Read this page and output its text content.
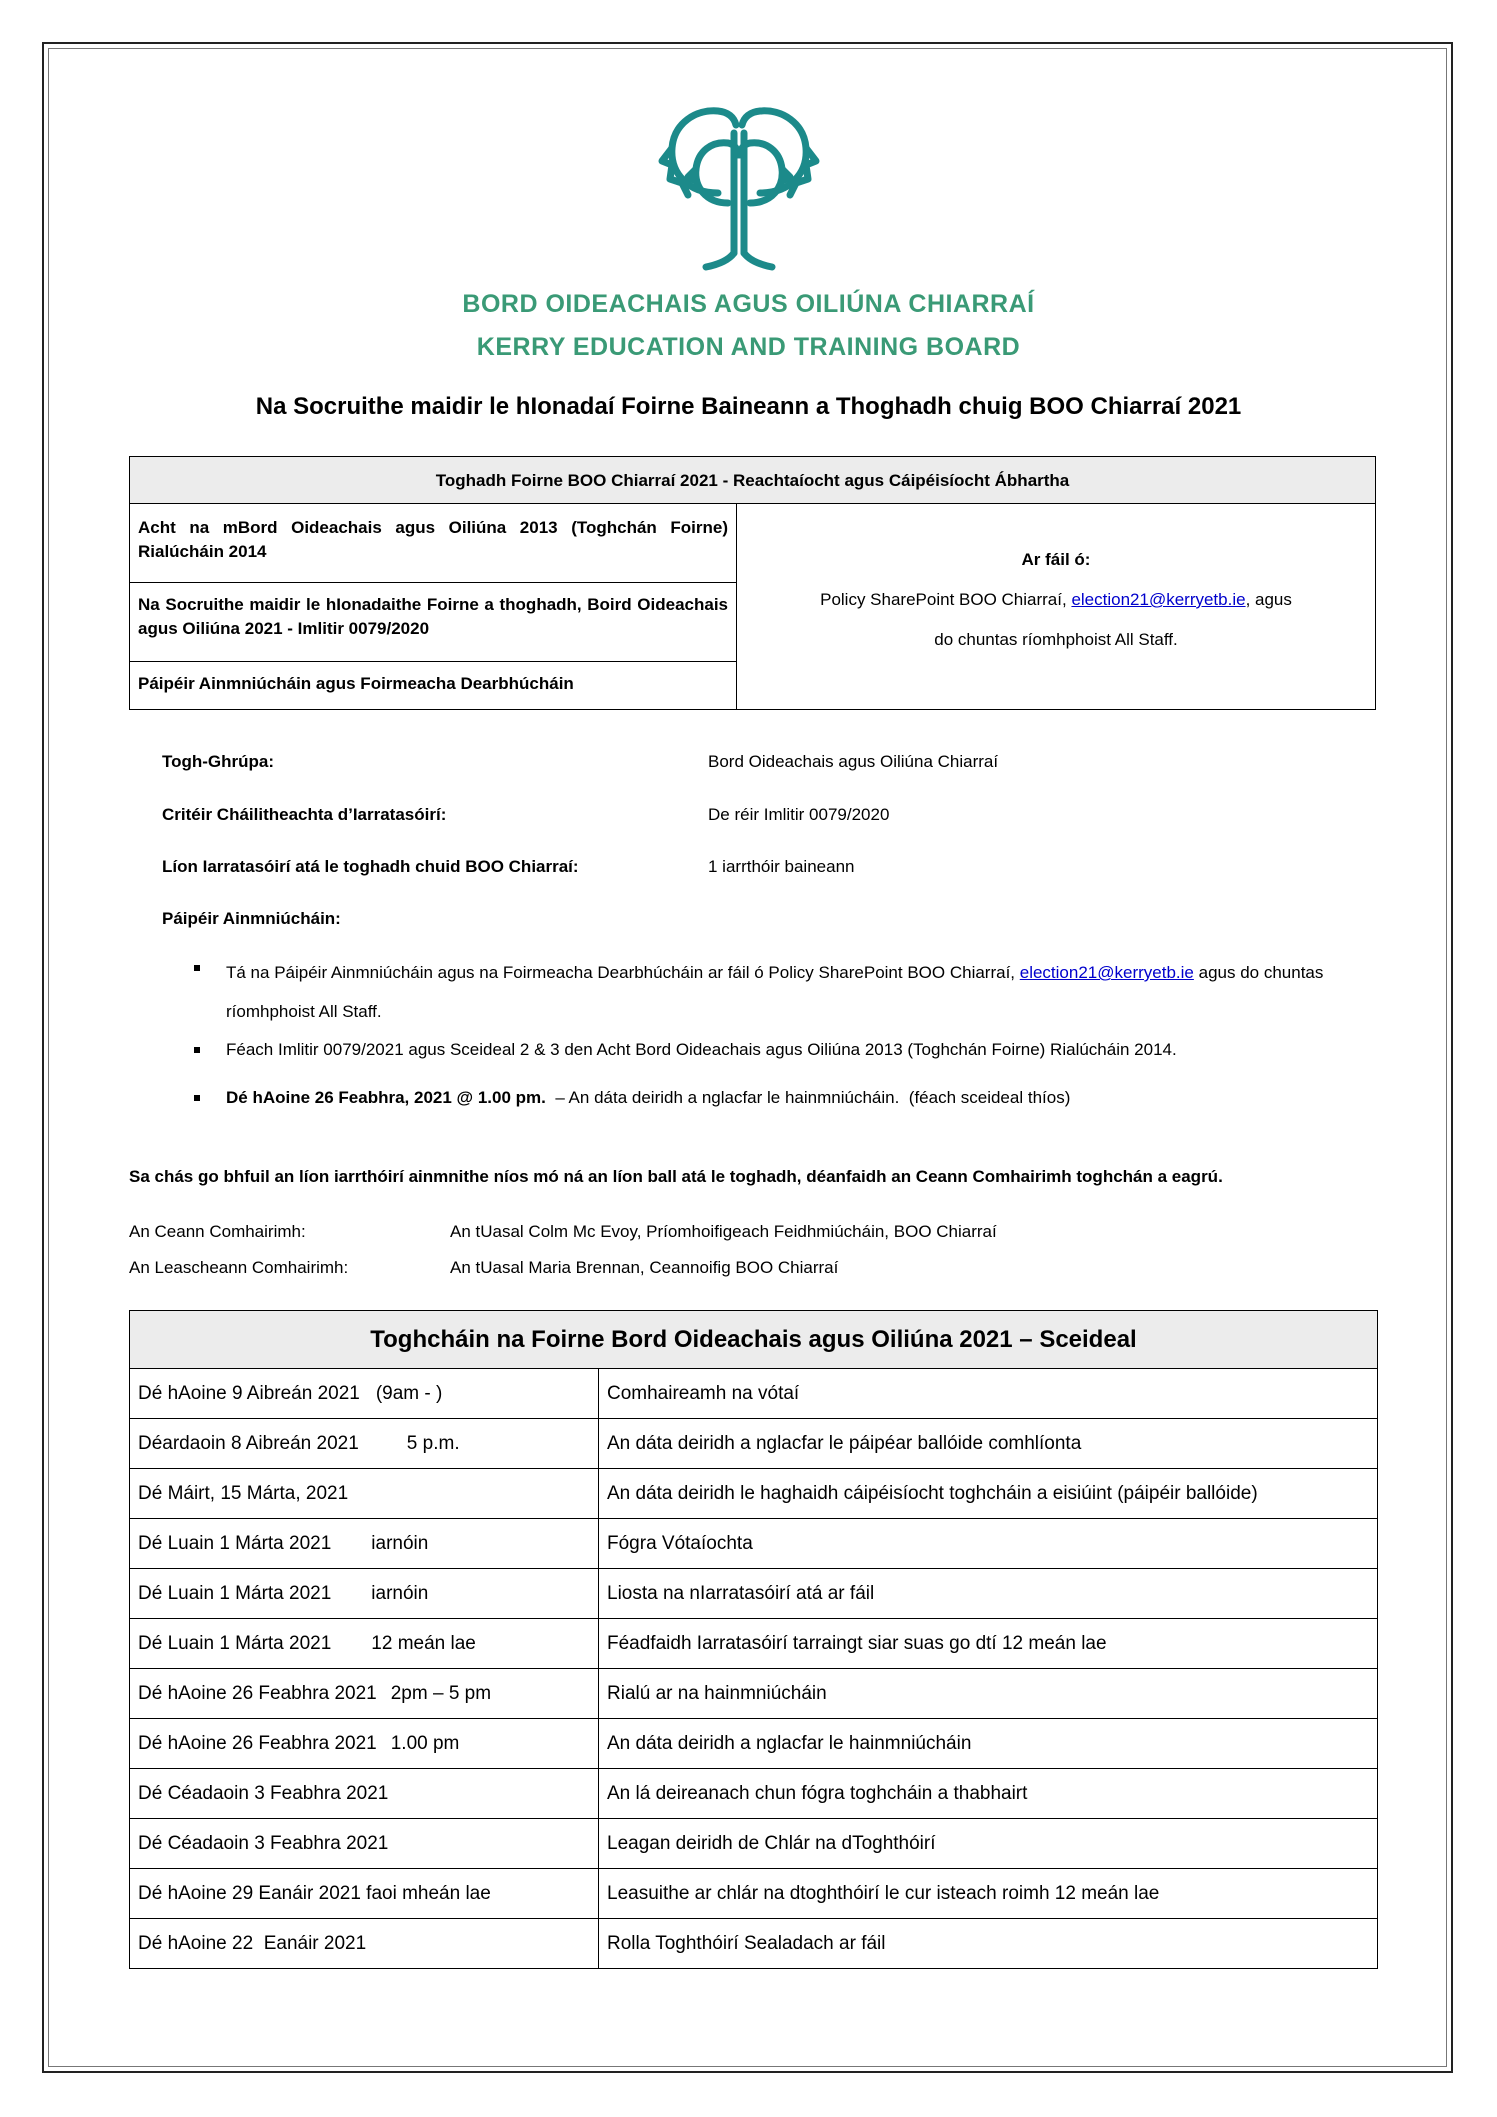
BORD OIDEACHAIS AGUS OILIÚNA CHIARRAÍ
KERRY EDUCATION AND TRAINING BOARD
Na Socruithe maidir le hIonadaí Foirne Baineann a Thoghadh chuig BOO Chiarraí 2021
Toghadh Foirne BOO Chiarraí 2021 - Reachtaíocht agus Cáipéisíocht Ábhartha
Acht na mBord Oideachais agus Oiliúna 2013 (Toghchán Foirne) Rialúcháin 2014
Na Socruithe maidir le hIonadaithe Foirne a thoghadh, Boird Oideachais agus Oiliúna 2021 - Imlitir 0079/2020
Páipéir Ainmniúcháin agus Foirmeacha Dearbhúcháin
Ar fáil ó:
Policy SharePoint BOO Chiarraí, election21@kerryetb.ie, agus
do chuntas ríomhphoist All Staff.
Togh-Ghrúpa:	Bord Oideachais agus Oiliúna Chiarraí
Critéir Cháilitheachta d’Iarratasóirí:	De réir Imlitir 0079/2020
Líon Iarratasóirí atá le toghadh chuid BOO Chiarraí:	1 iarrthóir baineann
Páipéir Ainmniúcháin:
Tá na Páipéir Ainmniúcháin agus na Foirmeacha Dearbhúcháin ar fáil ó Policy SharePoint BOO Chiarraí, election21@kerryetb.ie agus do chuntas ríomhphoist All Staff.
Féach Imlitir 0079/2021 agus Sceideal 2 & 3 den Acht Bord Oideachais agus Oiliúna 2013 (Toghchán Foirne) Rialúcháin 2014.
Dé hAoine 26 Feabhra, 2021 @ 1.00 pm.  – An dáta deiridh a nglacfar le hainmniúcháin.  (féach sceideal thíos)
Sa chás go bhfuil an líon iarrthóirí ainmnithe níos mó ná an líon ball atá le toghadh, déanfaidh an Ceann Comhairimh toghchán a eagrú.
An Ceann Comhairimh:	An tUasal Colm Mc Evoy, Príomhoifigeach Feidhmiúcháin, BOO Chiarraí
An Leascheann Comhairimh:	An tUasal Maria Brennan, Ceannoifig BOO Chiarraí
Toghcháin na Foirne Bord Oideachais agus Oiliúna 2021 – Sceideal	
Dé hAoine 9 Aibreán 2021 (9am - )	Comhaireamh na vótaí
Déardaoin 8 Aibreán 2021 5 p.m.	An dáta deiridh a nglacfar le páipéar ballóide comhlíonta
Dé Máirt, 15 Márta, 2021	An dáta deiridh le haghaidh cáipéisíocht toghcháin a eisiúint (páipéir ballóide)
Dé Luain 1 Márta 2021 iarnóin	Fógra Vótaíochta
Dé Luain 1 Márta 2021 iarnóin	Liosta na nIarratasóirí atá ar fáil
Dé Luain 1 Márta 2021 12 meán lae	Féadfaidh Iarratasóirí tarraingt siar suas go dtí 12 meán lae
Dé hAoine 26 Feabhra 2021 2pm – 5 pm	Rialú ar na hainmniúcháin
Dé hAoine 26 Feabhra 2021 1.00 pm	An dáta deiridh a nglacfar le hainmniúcháin
Dé Céadaoin 3 Feabhra 2021	An lá deireanach chun fógra toghcháin a thabhairt
Dé Céadaoin 3 Feabhra 2021	Leagan deiridh de Chlár na dToghthóirí
Dé hAoine 29 Eanáir 2021 faoi mheán lae	Leasuithe ar chlár na dtoghthóirí le cur isteach roimh 12 meán lae
Dé hAoine 22  Eanáir 2021	Rolla Toghthóirí Sealadach ar fáil
